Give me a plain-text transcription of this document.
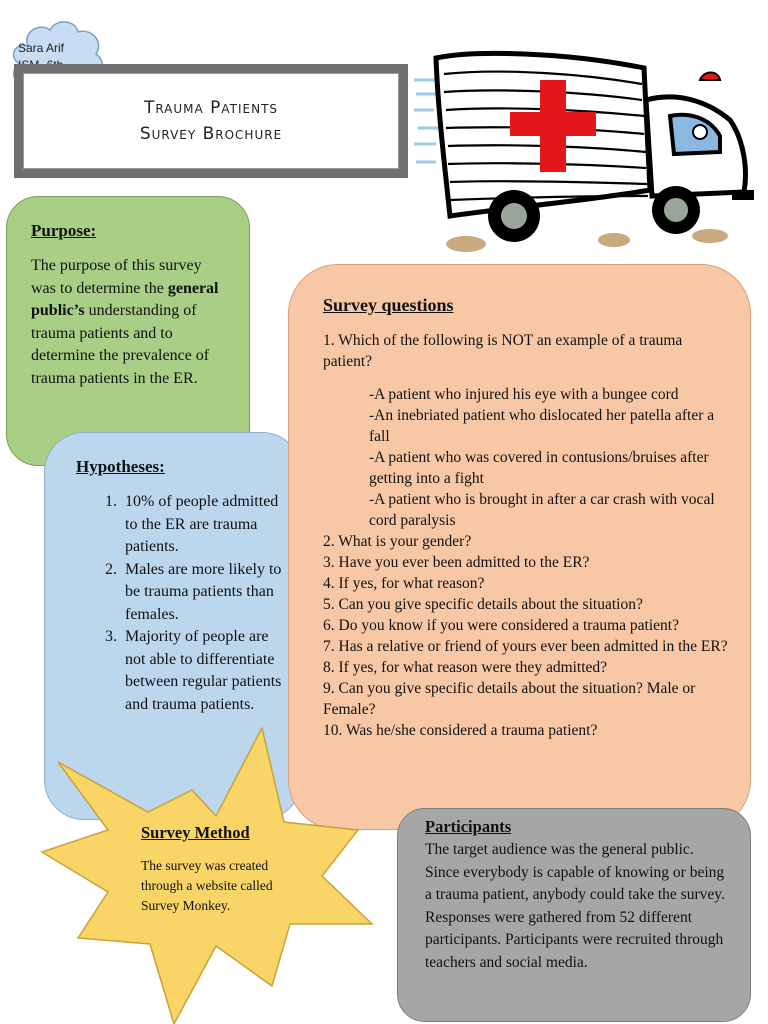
Sara Arif
Trauma Patients
Survey Brochure
Purpose:
The purpose of this survey was to determine the general public’s understanding of trauma patients and to determine the prevalence of trauma patients in the ER.
Hypotheses:
1. 10% of people admitted to the ER are trauma patients.
2. Males are more likely to be trauma patients than females.
3. Majority of people are not able to differentiate between regular patients and trauma patients.
Survey questions
1. Which of the following is NOT an example of a trauma patient?
-A patient who injured his eye with a bungee cord
-An inebriated patient who dislocated her patella after a fall
-A patient who was covered in contusions/bruises after getting into a fight
-A patient who is brought in after a car crash with vocal cord paralysis
2. What is your gender?
3. Have you ever been admitted to the ER?
4. If yes, for what reason?
5. Can you give specific details about the situation?
6. Do you know if you were considered a trauma patient?
7. Has a relative or friend of yours ever been admitted in the ER?
8. If yes, for what reason were they admitted?
9. Can you give specific details about the situation? Male or Female?
10. Was he/she considered a trauma patient?
Survey Method
The survey was created through a website called Survey Monkey.
Participants
The target audience was the general public. Since everybody is capable of knowing or being a trauma patient, anybody could take the survey. Responses were gathered from 52 different participants. Participants were recruited through teachers and social media.
